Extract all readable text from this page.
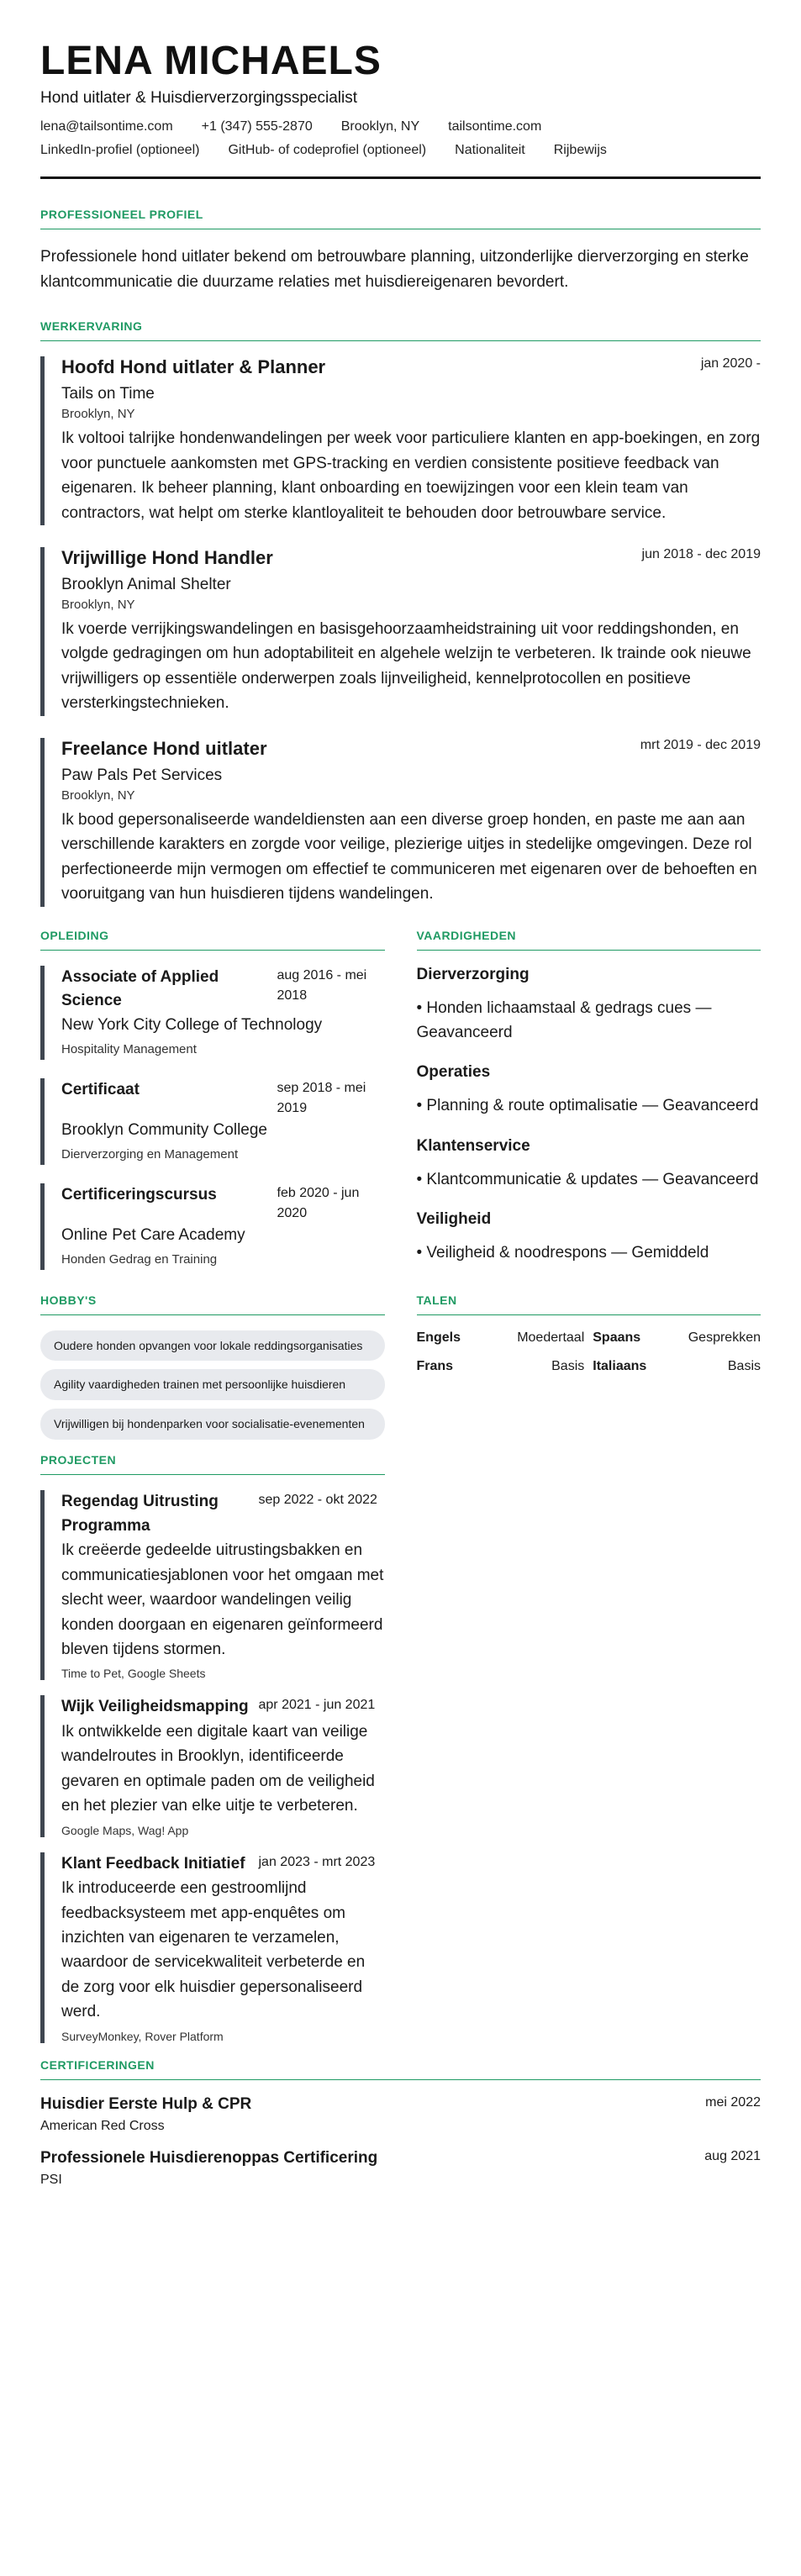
LENA MICHAELS
Hond uitlater & Huisdierverzorgingsspecialist
lena@tailsontime.com +1 (347) 555-2870 Brooklyn, NY tailsontime.com
LinkedIn-profiel (optioneel) GitHub- of codeprofiel (optioneel) Nationaliteit Rijbewijs
PROFESSIONEEL PROFIEL

Professionele hond uitlater bekend om betrouwbare planning, uitzonderlijke dierverzorging en sterke klantcommunicatie die duurzame relaties met huisdiereigenaren bevordert.

WERKERVARING
Hoofd Hond uitlater & Planner	jan 2020 -
Tails on Time
Brooklyn, NY
Ik voltooi talrijke hondenwandelingen per week voor particuliere klanten en app-boekingen, en zorg voor punctuele aankomsten met GPS-tracking en verdien consistente positieve feedback van eigenaren. Ik beheer planning, klant onboarding en toewijzingen voor een klein team van contractors, wat helpt om sterke klantloyaliteit te behouden door betrouwbare service.
Vrijwillige Hond Handler	jun 2018 - dec 2019
Brooklyn Animal Shelter
Brooklyn, NY
Ik voerde verrijkingswandelingen en basisgehoorzaamheidstraining uit voor reddingshonden, en volgde gedragingen om hun adoptabiliteit en algehele welzijn te verbeteren. Ik trainde ook nieuwe vrijwilligers op essentiële onderwerpen zoals lijnveiligheid, kennelprotocollen en positieve versterkingstechnieken.
Freelance Hond uitlater	mrt 2019 - dec 2019
Paw Pals Pet Services
Brooklyn, NY
Ik bood gepersonaliseerde wandeldiensten aan een diverse groep honden, en paste me aan aan verschillende karakters en zorgde voor veilige, plezierige uitjes in stedelijke omgevingen. Deze rol perfectioneerde mijn vermogen om effectief te communiceren met eigenaren over de behoeften en vooruitgang van hun huisdieren tijdens wandelingen.
OPLEIDING
Associate of Applied Science
aug 2016 - mei 2018
New York City College of Technology
Hospitality Management
Certificaat	sep 2018 - mei 2019
Brooklyn Community College
Dierverzorging en Management
Certificeringscursus	feb 2020 - jun 2020
Online Pet Care Academy
Honden Gedrag en Training
VAARDIGHEDEN
Dierverzorging
• Honden lichaamstaal & gedrags cues — Geavanceerd
Operaties
• Planning & route optimalisatie — Geavanceerd
Klantenservice
• Klantcommunicatie & updates — Geavanceerd
Veiligheid
• Veiligheid & noodrespons — Gemiddeld
HOBBY'S
Oudere honden opvangen voor lokale reddingsorganisaties
Agility vaardigheden trainen met persoonlijke huisdieren
Vrijwilligen bij hondenparken voor socialisatie-evenementen
TALEN
Engels	Moedertaal Spaans	Gesprekken
Frans	Basis Italiaans	Basis
PROJECTEN
Regendag Uitrusting Programma
sep 2022 - okt 2022
Ik creëerde gedeelde uitrustingsbakken en communicatiesjablonen voor het omgaan met slecht weer, waardoor wandelingen veilig konden doorgaan en eigenaren geïnformeerd bleven tijdens stormen.
Time to Pet, Google Sheets
Wijk Veiligheidsmapping apr 2021 - jun 2021
Ik ontwikkelde een digitale kaart van veilige wandelroutes in Brooklyn, identificeerde gevaren en optimale paden om de veiligheid en het plezier van elke uitje te verbeteren.
Google Maps, Wag! App
Klant Feedback Initiatief jan 2023 - mrt 2023
Ik introduceerde een gestroomlijnd feedbacksysteem met app-enquêtes om inzichten van eigenaren te verzamelen, waardoor de servicekwaliteit verbeterde en de zorg voor elk huisdier gepersonaliseerd werd.
SurveyMonkey, Rover Platform
CERTIFICERINGEN
Huisdier Eerste Hulp & CPR
American Red Cross
mei 2022
Professionele Huisdierenoppas Certificering
PSI
aug 2021
